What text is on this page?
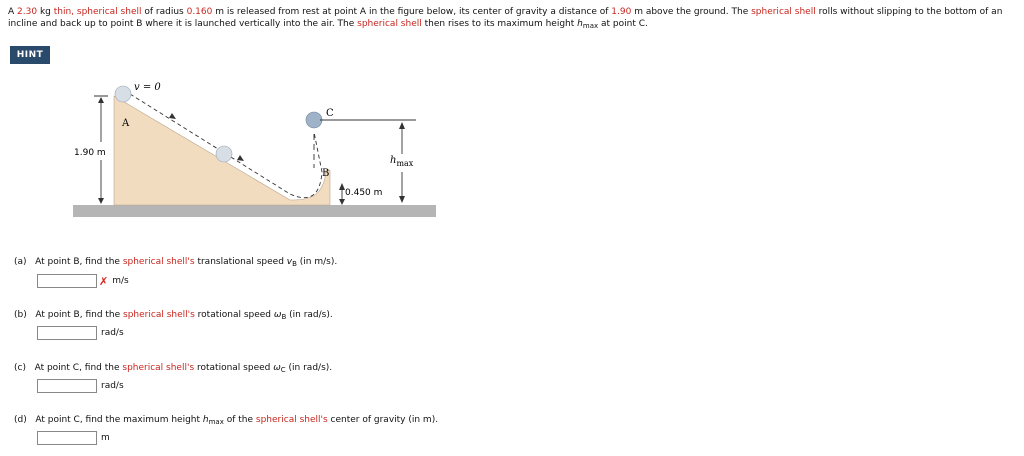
A 2.30 kg thin, spherical shell of radius 0.160 m is released from rest at point A in the figure below, its center of gravity a distance of 1.90 m above the ground. The spherical shell rolls without slipping to the bottom of an incline and back up to point B where it is launched vertically into the air. The spherical shell then rises to its maximum height $h_{max}$ at point C.
HINT
v = 0
A
B
C
1.90 m
0.450 m
$h_{max}$
(a) At point B, find the spherical shell's translational speed $v_B$ (in m/s).
✗ m/s
(b) At point B, find the spherical shell's rotational speed $\omega_B$ (in rad/s).
rad/s
(c) At point C, find the spherical shell's rotational speed $\omega_C$ (in rad/s).
rad/s
(d) At point C, find the maximum height $h_{max}$ of the spherical shell's center of gravity (in m).
m
